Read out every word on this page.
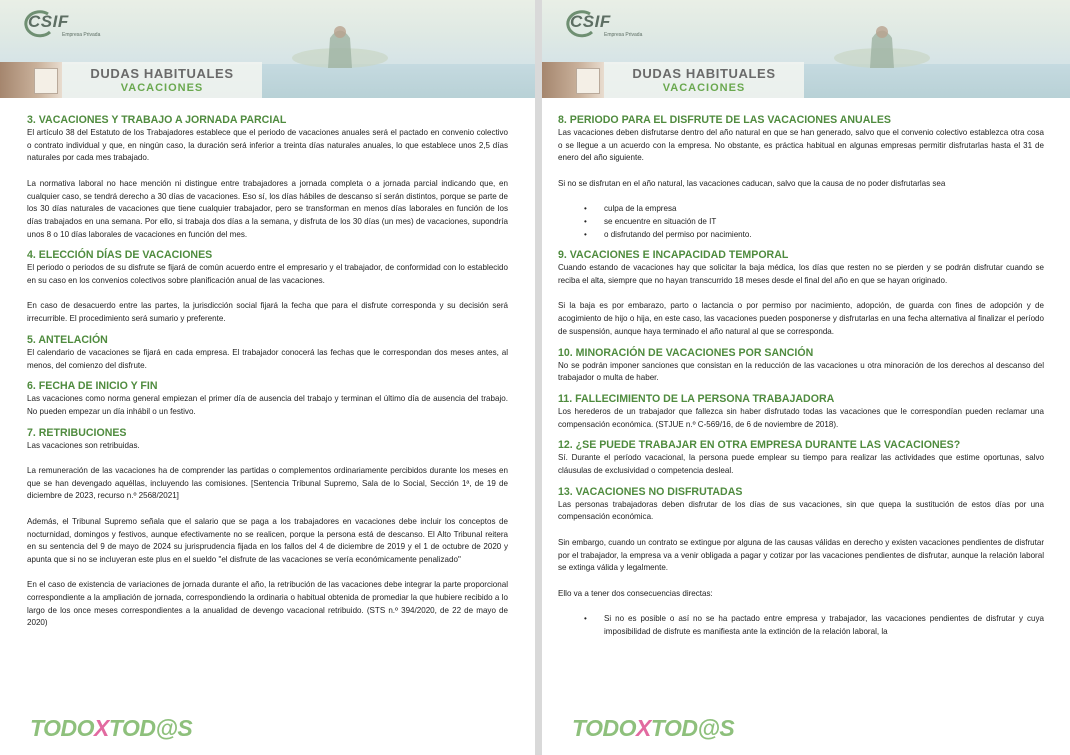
CSIF
Empresa Privada
DUDAS HABITUALES
VACACIONES
3. VACACIONES Y TRABAJO A JORNADA PARCIAL

El artículo 38 del Estatuto de los Trabajadores establece que el periodo de vacaciones anuales será el pactado en convenio colectivo o contrato individual y que, en ningún caso, la duración será inferior a treinta días naturales anuales, lo que establece unos 2,5 días naturales por cada mes trabajado.

La normativa laboral no hace mención ni distingue entre trabajadores a jornada completa o a jornada parcial indicando que, en cualquier caso, se tendrá derecho a 30 días de vacaciones. Eso sí, los días hábiles de descanso sí serán distintos, porque se parte de los 30 días naturales de vacaciones que tiene cualquier trabajador, pero se transforman en menos días laborales en función de los días trabajados en una semana. Por ello, si trabaja dos días a la semana, y disfruta de los 30 días (un mes) de vacaciones, supondría unos 8 o 10 días laborales de vacaciones en función del mes.

4. ELECCIÓN DÍAS DE VACACIONES

El periodo o periodos de su disfrute se fijará de común acuerdo entre el empresario y el trabajador, de conformidad con lo establecido en su caso en los convenios colectivos sobre planificación anual de las vacaciones.

En caso de desacuerdo entre las partes, la jurisdicción social fijará la fecha que para el disfrute corresponda y su decisión será irrecurrible. El procedimiento será sumario y preferente.

5. ANTELACIÓN

El calendario de vacaciones se fijará en cada empresa. El trabajador conocerá las fechas que le correspondan dos meses antes, al menos, del comienzo del disfrute.

6. FECHA DE INICIO Y FIN

Las vacaciones como norma general empiezan el primer día de ausencia del trabajo y terminan el último día de ausencia del trabajo. No pueden empezar un día inhábil o un festivo.

7. RETRIBUCIONES

Las vacaciones son retribuidas.

La remuneración de las vacaciones ha de comprender las partidas o complementos ordinariamente percibidos durante los meses en que se han devengado aquéllas, incluyendo las comisiones. [Sentencia Tribunal Supremo, Sala de lo Social, Sección 1ª, de 19 de diciembre de 2023, recurso n.º 2568/2021]

Además, el Tribunal Supremo señala que el salario que se paga a los trabajadores en vacaciones debe incluir los conceptos de nocturnidad, domingos y festivos, aunque efectivamente no se realicen, porque la persona está de descanso. El Alto Tribunal reitera en su sentencia del 9 de mayo de 2024 su jurisprudencia fijada en los fallos del 4 de diciembre de 2019 y el 1 de octubre de 2020 y apunta que si no se incluyeran este plus en el sueldo "el disfrute de las vacaciones se vería económicamente penalizado"

En el caso de existencia de variaciones de jornada durante el año, la retribución de las vacaciones debe integrar la parte proporcional correspondiente a la ampliación de jornada, correspondiendo la ordinaria o habitual obtenida de promediar la que hubiere recibido a lo largo de los once meses correspondientes a la anualidad de devengo vacacional retribuido. (STS n.º 394/2020, de 22 de mayo de 2020)

TODOXTOD@S
CSIF
Empresa Privada
DUDAS HABITUALES
VACACIONES
8. PERIODO PARA EL DISFRUTE DE LAS VACACIONES ANUALES

Las vacaciones deben disfrutarse dentro del año natural en que se han generado, salvo que el convenio colectivo establezca otra cosa o se llegue a un acuerdo con la empresa. No obstante, es práctica habitual en algunas empresas permitir disfrutarlas hasta el 31 de enero del año siguiente.

Si no se disfrutan en el año natural, las vacaciones caducan, salvo que la causa de no poder disfrutarlas sea

• culpa de la empresa
• se encuentre en situación de IT
• o disfrutando del permiso por nacimiento.
9. VACACIONES E INCAPACIDAD TEMPORAL

Cuando estando de vacaciones hay que solicitar la baja médica, los días que resten no se pierden y se podrán disfrutar cuando se reciba el alta, siempre que no hayan transcurrido 18 meses desde el final del año en que se hayan originado.

Si la baja es por embarazo, parto o lactancia o por permiso por nacimiento, adopción, de guarda con fines de adopción y de acogimiento de hijo o hija, en este caso, las vacaciones pueden posponerse y disfrutarlas en una fecha alternativa al finalizar el período de suspensión, aunque haya terminado el año natural al que se corresponda.

10. MINORACIÓN DE VACACIONES POR SANCIÓN

No se podrán imponer sanciones que consistan en la reducción de las vacaciones u otra minoración de los derechos al descanso del trabajador o multa de haber.

11. FALLECIMIENTO DE LA PERSONA TRABAJADORA

Los herederos de un trabajador que fallezca sin haber disfrutado todas las vacaciones que le correspondían pueden reclamar una compensación económica. (STJUE n.º C-569/16, de 6 de noviembre de 2018).

12. ¿SE PUEDE TRABAJAR EN OTRA EMPRESA DURANTE LAS VACACIONES?

Sí. Durante el período vacacional, la persona puede emplear su tiempo para realizar las actividades que estime oportunas, salvo cláusulas de exclusividad o competencia desleal.

13. VACACIONES NO DISFRUTADAS

Las personas trabajadoras deben disfrutar de los días de sus vacaciones, sin que quepa la sustitución de estos días por una compensación económica.

Sin embargo, cuando un contrato se extingue por alguna de las causas válidas en derecho y existen vacaciones pendientes de disfrutar por el trabajador, la empresa va a venir obligada a pagar y cotizar por las vacaciones pendientes de disfrutar, aunque la relación laboral se extinga válida y legalmente.

Ello va a tener dos consecuencias directas:

• Si no es posible o así no se ha pactado entre empresa y trabajador, las vacaciones pendientes de disfrutar y cuya imposibilidad de disfrute es manifiesta ante la extinción de la relación laboral, la
TODOXTOD@S
